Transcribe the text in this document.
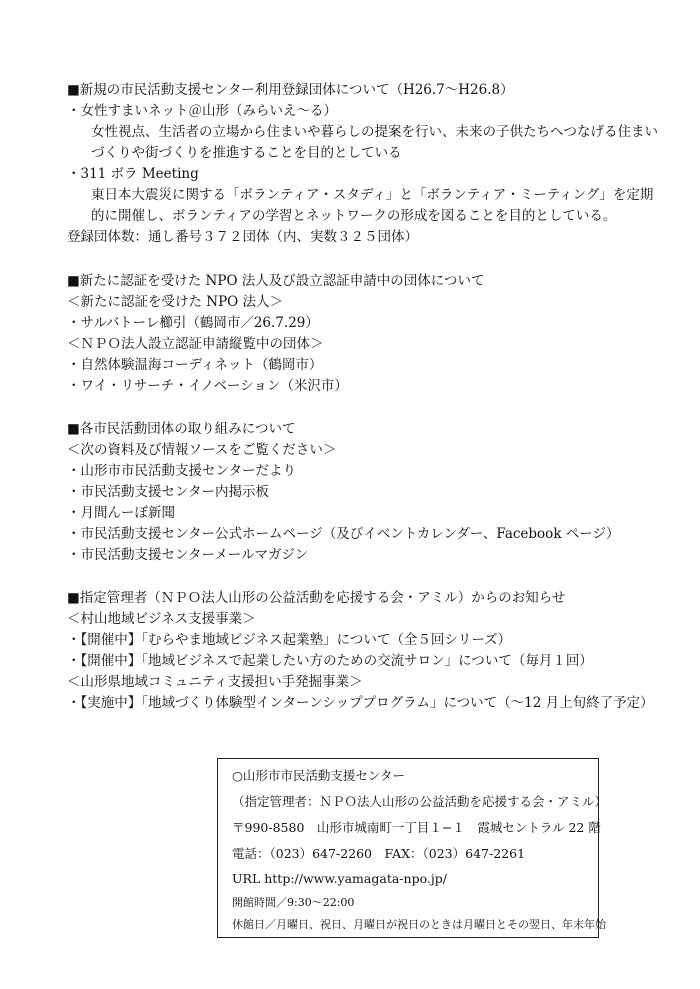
■新規の市民活動支援センター利用登録団体について（H26.7〜H26.8）
・女性すまいネット＠山形（みらいえ〜る）
女性視点、生活者の立場から住まいや暮らしの提案を行い、未来の子供たちへつなげる住まい
づくりや街づくりを推進することを目的としている
・311 ボラ Meeting
東日本大震災に関する「ボランティア・スタディ」と「ボランティア・ミーティング」を定期
的に開催し、ボランティアの学習とネットワークの形成を図ることを目的としている。
登録団体数：通し番号３７２団体（内、実数３２５団体）
■新たに認証を受けた NPO 法人及び設立認証申請中の団体について
＜新たに認証を受けた NPO 法人＞
・サルバトーレ櫛引（鶴岡市／26.7.29）
＜ＮＰＯ法人設立認証申請縦覧中の団体＞
・自然体験温海コーディネット（鶴岡市）
・ワイ・リサーチ・イノベーション（米沢市）
■各市民活動団体の取り組みについて
＜次の資料及び情報ソースをご覧ください＞
・山形市市民活動支援センターだより
・市民活動支援センター内掲示板
・月間んーぼ新聞
・市民活動支援センター公式ホームページ（及びイベントカレンダー、Facebook ページ）
・市民活動支援センターメールマガジン
■指定管理者（ＮＰＯ法人山形の公益活動を応援する会・アミル）からのお知らせ
＜村山地域ビジネス支援事業＞
・【開催中】「むらやま地域ビジネス起業塾」について（全５回シリーズ）
・【開催中】「地域ビジネスで起業したい方のための交流サロン」について（毎月１回）
＜山形県地域コミュニティ支援担い手発掘事業＞
・【実施中】「地域づくり体験型インターンシッププログラム」について（〜12 月上旬終了予定）
○山形市市民活動支援センター
（指定管理者：ＮＰＯ法人山形の公益活動を応援する会・アミル）
〒990-8580　山形市城南町一丁目１−１　霞城セントラル 22 階
電話：（023）647-2260　FAX：（023）647-2261
URL http://www.yamagata-npo.jp/
開館時間／9:30〜22:00
休館日／月曜日、祝日、月曜日が祝日のときは月曜日とその翌日、年末年始
